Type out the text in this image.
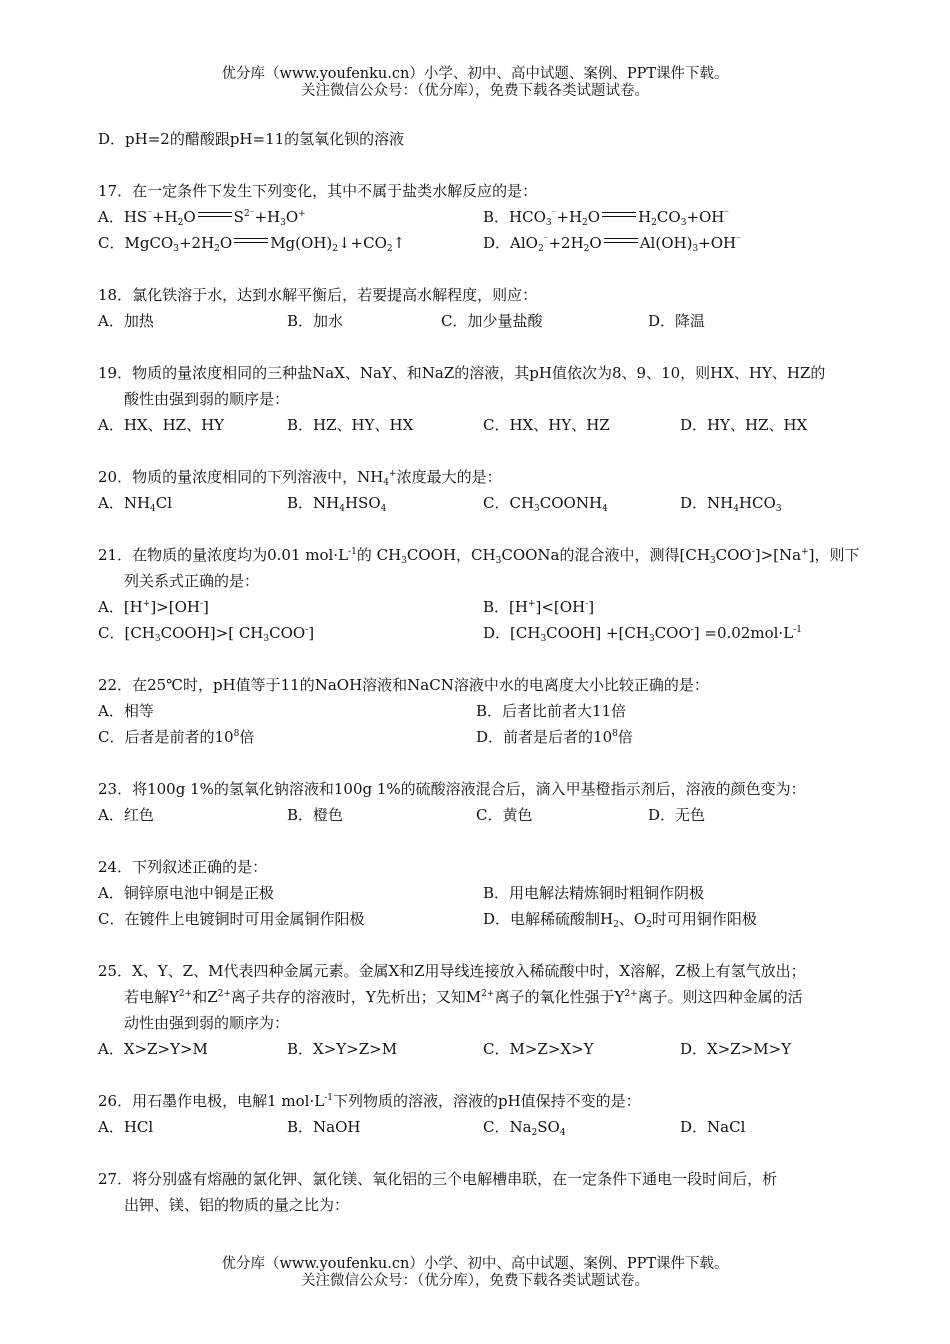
优分库（www.youfenku.cn）小学、初中、高中试题、案例、PPT课件下载。
关注微信公众号：（优分库），免费下载各类试题试卷。
D．pH=2的醋酸跟pH=11的氢氧化钡的溶液
17．在一定条件下发生下列变化，其中不属于盐类水解反应的是：
A．$HS^{^-}+H_2O$	$S^{2^-}+H_3O^+$	B．$HCO_3^{^-}+H_2O$	$H_2CO_3+OH^{^-}$
C．$MgCO_3+2H_2O$	$Mg(OH)_2↓+CO_2↑$	D．$AlO_2^{^-}+2H_2O$	$Al(OH)_3+OH^{^-}$
18．氯化铁溶于水，达到水解平衡后，若要提高水解程度，则应：
A．加热	B．加水	C．加少量盐酸	D．降温
19．物质的量浓度相同的三种盐NaX、NaY、和NaZ的溶液，其pH值依次为8、9、10，则HX、HY、HZ的
酸性由强到弱的顺序是：
A．HX、HZ、HY	B．HZ、HY、HX	C．HX、HY、HZ	D．HY、HZ、HX
20．物质的量浓度相同的下列溶液中，$NH_4^+$浓度最大的是：
A．$NH_4Cl$	B．$NH_4HSO_4$	C．$CH_3COONH_4$	D．$NH_4HCO_3$
21．在物质的量浓度均为0.01 $mol\cdot L^{-1}$的 $CH_3COOH$，$CH_3COONa$的混合液中，测得$[CH_3COO^-]>[Na^+]$，则下
列关系式正确的是：
A．[H+]>[OH-]	B．[H+]<[OH-]
C．$[CH_3COOH]>$[ $CH_3COO^-$]	D．$[CH_3COOH] +[CH_3COO^-] =0.02mol\cdot L^{-1}$
22．在25℃时，pH值等于11的NaOH溶液和NaCN溶液中水的电离度大小比较正确的是：
A．相等	B．后者比前者大11倍
C．后者是前者的$10^8$倍	D．前者是后者的$10^8$倍
23．将100g 1%的氢氧化钠溶液和100g 1%的硫酸溶液混合后，滴入甲基橙指示剂后，溶液的颜色变为：
A．红色	B．橙色	C．黄色	D．无色
24．下列叙述正确的是：
A．铜锌原电池中铜是正极	B．用电解法精炼铜时粗铜作阴极
C．在镀件上电镀铜时可用金属铜作阳极	D．电解稀硫酸制$H_2$、$O_2$时可用铜作阳极
25．X、Y、Z、M代表四种金属元素。金属X和Z用导线连接放入稀硫酸中时，X溶解，Z极上有氢气放出；
若电解$Y^{2+}$和$Z^{2+}$离子共存的溶液时，Y先析出；又知$M^{2+}$离子的氧化性强于$Y^{2+}$离子。则这四种金属的活
动性由强到弱的顺序为：
A．X>Z>Y>M	B．X>Y>Z>M	C．M>Z>X>Y	D．X>Z>M>Y
26．用石墨作电极，电解1 $mol\cdot L^{-1}$下列物质的溶液，溶液的pH值保持不变的是：
A．HCl	B．NaOH	C．$Na_2SO_4$	D．NaCl
27．将分别盛有熔融的氯化钾、氯化镁、氧化铝的三个电解槽串联，在一定条件下通电一段时间后，析
出钾、镁、铝的物质的量之比为：
优分库（www.youfenku.cn）小学、初中、高中试题、案例、PPT课件下载。
关注微信公众号：（优分库），免费下载各类试题试卷。
